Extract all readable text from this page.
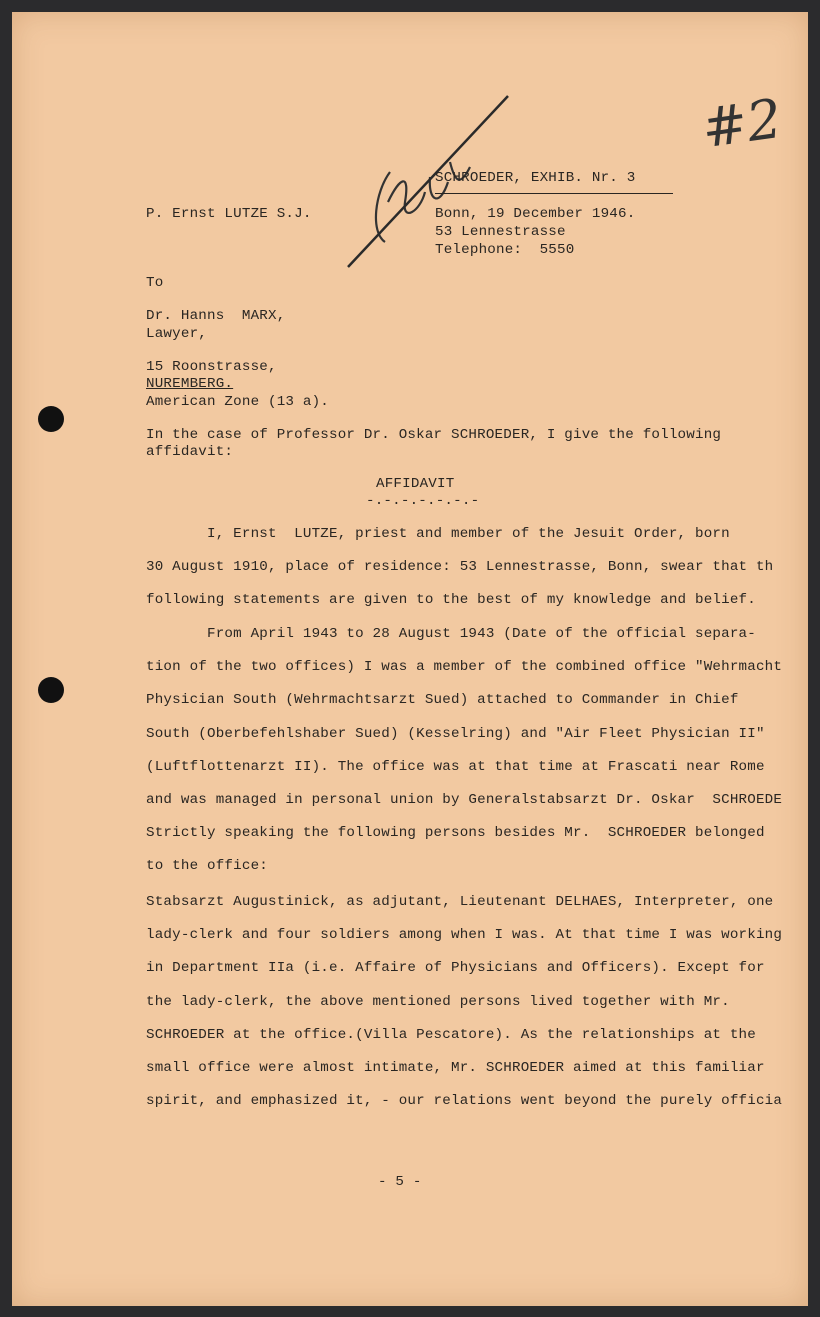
#2
SCHROEDER, EXHIB. Nr. 3
P. Ernst LUTZE S.J.	Bonn, 19 December 1946.
53 Lennestrasse
Telephone:  5550
To
Dr. Hanns  MARX,
Lawyer,
15 Roonstrasse,
NUREMBERG.
American Zone (13 a).
In the case of Professor Dr. Oskar SCHROEDER, I give the following
affidavit:
AFFIDAVIT
-.-.-.-.-.-.-
I, Ernst  LUTZE, priest and member of the Jesuit Order, born
30 August 1910, place of residence: 53 Lennestrasse, Bonn, swear that th
following statements are given to the best of my knowledge and belief.
From April 1943 to 28 August 1943 (Date of the official separa-
tion of the two offices) I was a member of the combined office "Wehrmacht
Physician South (Wehrmachtsarzt Sued) attached to Commander in Chief
South (Oberbefehlshaber Sued) (Kesselring) and "Air Fleet Physician II"
(Luftflottenarzt II). The office was at that time at Frascati near Rome
and was managed in personal union by Generalstabsarzt Dr. Oskar  SCHROEDE
Strictly speaking the following persons besides Mr.  SCHROEDER belonged
to the office:
Stabsarzt Augustinick, as adjutant, Lieutenant DELHAES, Interpreter, one
lady-clerk and four soldiers among when I was. At that time I was working
in Department IIa (i.e. Affaire of Physicians and Officers). Except for
the lady-clerk, the above mentioned persons lived together with Mr.
SCHROEDER at the office.(Villa Pescatore). As the relationships at the
small office were almost intimate, Mr. SCHROEDER aimed at this familiar
spirit, and emphasized it, - our relations went beyond the purely officia
- 5 -
